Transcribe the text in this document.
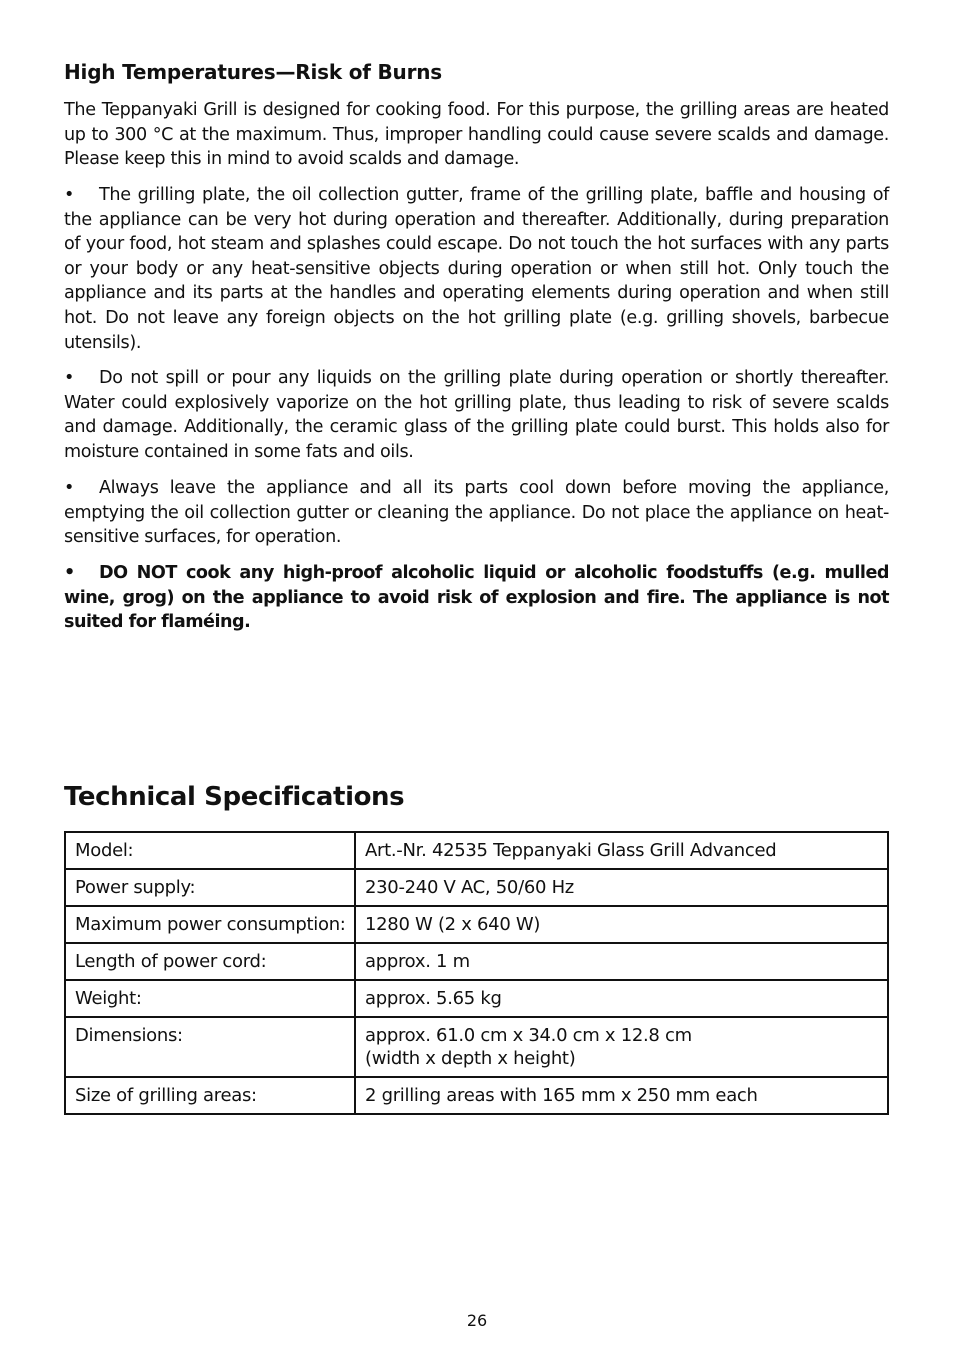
High Temperatures—Risk of Burns

The Teppanyaki Grill is designed for cooking food. For this purpose, the grilling areas are heated up to 300 °C at the maximum. Thus, improper handling could cause severe scalds and damage. Please keep this in mind to avoid scalds and damage.

• The grilling plate, the oil collection gutter, frame of the grilling plate, baffle and housing of the appliance can be very hot during operation and thereafter. Additionally, during preparation of your food, hot steam and splashes could escape. Do not touch the hot surfaces with any parts or your body or any heat-sensitive objects during operation or when still hot. Only touch the appliance and its parts at the handles and operating elements during operation and when still hot. Do not leave any foreign objects on the hot grilling plate (e.g. grilling shovels, barbecue utensils).

• Do not spill or pour any liquids on the grilling plate during operation or shortly thereafter. Water could explosively vaporize on the hot grilling plate, thus leading to risk of severe scalds and damage. Additionally, the ceramic glass of the grilling plate could burst. This holds also for moisture contained in some fats and oils.

• Always leave the appliance and all its parts cool down before moving the appliance, emptying the oil collection gutter or cleaning the appliance. Do not place the appliance on heat-sensitive surfaces, for operation.

• DO NOT cook any high-proof alcoholic liquid or alcoholic foodstuffs (e.g. mulled wine, grog) on the appliance to avoid risk of explosion and fire. The appliance is not suited for flaméing.

Technical Specifications
Model:	Art.-Nr. 42535 Teppanyaki Glass Grill Advanced
Power supply:	230-240 V AC, 50/60 Hz
Maximum power consumption:	1280 W (2 x 640 W)
Length of power cord:	approx. 1 m
Weight:	approx. 5.65 kg
Dimensions:	approx. 61.0 cm x 34.0 cm x 12.8 cm
(width x depth x height)

Size of grilling areas:	2 grilling areas with 165 mm x 250 mm each
26
